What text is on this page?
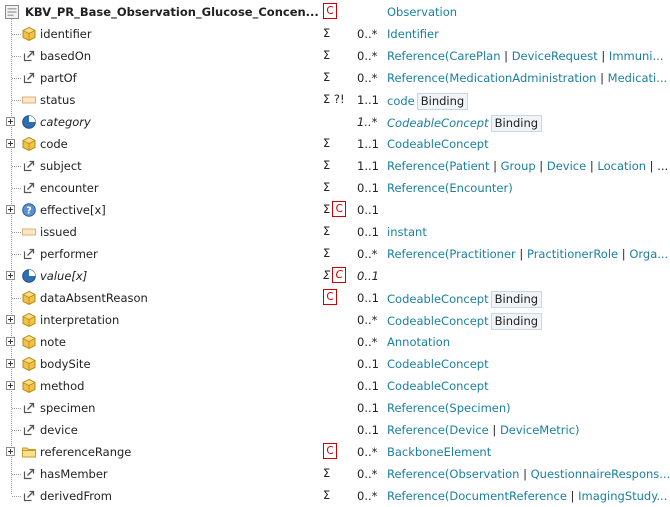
KBV_PR_Base_Observation_Glucose_Concen... C	Observation
identifier	Σ 0..* Identifier
basedOn	Σ 0..* Reference(CarePlan | DeviceRequest | Immuni...
partOf	Σ 0..* Reference(MedicationAdministration | Medicati...
status	Σ ?! 1..1 code Binding
category	1..* CodeableConcept Binding
code	Σ 1..1 CodeableConcept
subject	Σ 1..1 Reference(Patient | Group | Device | Location | ...
encounter	Σ 0..1 Reference(Encounter)
? effective[x]	Σ C 0..1
issued	Σ 0..1 instant
performer	Σ 0..* Reference(Practitioner | PractitionerRole | Orga...
value[x]	Σ C 0..1
dataAbsentReason	C 0..1 CodeableConcept Binding
interpretation	0..* CodeableConcept Binding
note	0..* Annotation
bodySite	0..1 CodeableConcept
method	0..1 CodeableConcept
specimen	0..1 Reference(Specimen)
device	0..1 Reference(Device | DeviceMetric)
referenceRange	C 0..* BackboneElement
hasMember	Σ 0..* Reference(Observation | QuestionnaireRespons...
derivedFrom	Σ 0..* Reference(DocumentReference | ImagingStudy...
